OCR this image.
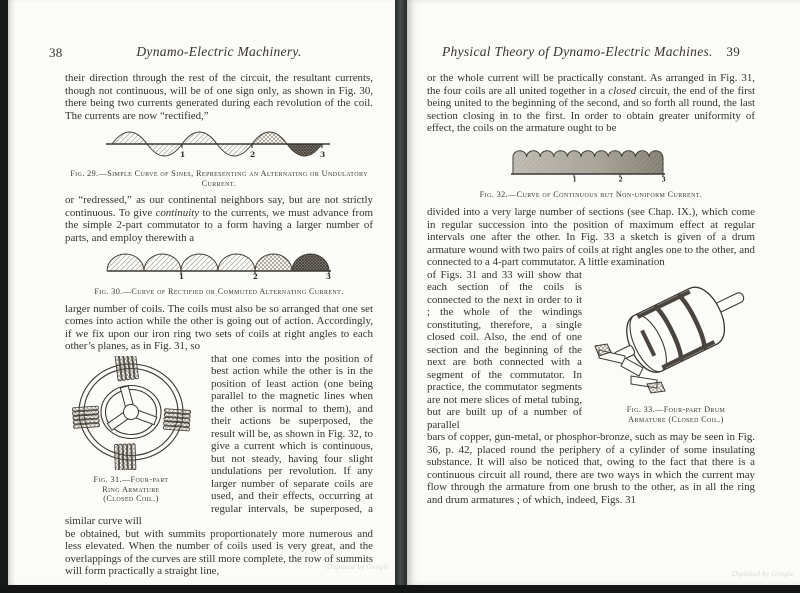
38	Dynamo-Electric Machinery.

their direction through the rest of the circuit, the resultant currents, though not continuous, will be of one sign only, as shown in Fig. 30, there being two currents generated during each revolution of the coil. The currents are now “rectified,”

1	2	3
Fig. 29.—Simple Curve of Sines, Representing an Alternating or Undulatory Current.

or “redressed,” as our continental neighbors say, but are not strictly continuous. To give continuity to the currents, we must advance from the simple 2-part commutator to a form having a larger number of parts, and employ therewith a

1	2	3
Fig. 30.—Curve of Rectified or Commuted Alternating Current.

larger number of coils. The coils must also be so arranged that one set comes into action while the other is going out of action. Accordingly, if we fix upon our iron ring two sets of coils at right angles to each other’s planes, as in Fig. 31, so

Fig. 31.—Four-part
Ring Armature
(Closed Coil.)
that one comes into the position of best action while the other is in the position of least action (one being parallel to the magnetic lines when the other is normal to them), and their actions be superposed, the result will be, as shown in Fig. 32, to give a current which is continuous, but not steady, having four slight undulations per revolution. If any larger number of separate coils are used, and their effects, occurring at regular intervals, be superposed, a similar curve will

be obtained, but with summits proportionately more numerous and less elevated. When the number of coils used is very great, and the overlappings of the curves are still more complete, the row of summits will form practically a straight line,	Digitized by Google
Physical Theory of Dynamo-Electric Machines. 39

or the whole current will be practically constant. As arranged in Fig. 31, the four coils are all united together in a closed circuit, the end of the first being united to the beginning of the second, and so forth all round, the last section closing in to the first. In order to obtain greater uniformity of effect, the coils on the armature ought to be

1	2	3
Fig. 32.—Curve of Continuous but Non-uniform Current.

divided into a very large number of sections (see Chap. IX.), which come in regular succession into the position of maximum effect at regular intervals one after the other. In Fig. 33 a sketch is given of a drum armature wound with two pairs of coils at right angles one to the other, and connected to a 4-part commutator. A little examination

Fig. 33.—Four-part Drum
Armature (Closed Coil.)
of Figs. 31 and 33 will show that each section of the coils is connected to the next in order to it ; the whole of the windings constituting, therefore, a single closed coil. Also, the end of one section and the beginning of the next are both connected with a segment of the commutator. In practice, the commutator segments are not mere slices of metal tubing, but are built up of a number of parallel

bars of copper, gun-metal, or phosphor-bronze, such as may be seen in Fig. 36, p. 42, placed round the periphery of a cylinder of some insulating substance. It will also be noticed that, owing to the fact that there is a continuous circuit all round, there are two ways in which the current may flow through the armature from one brush to the other, as in all the ring and drum armatures ; of which, indeed, Figs. 31

Digitized by Google
